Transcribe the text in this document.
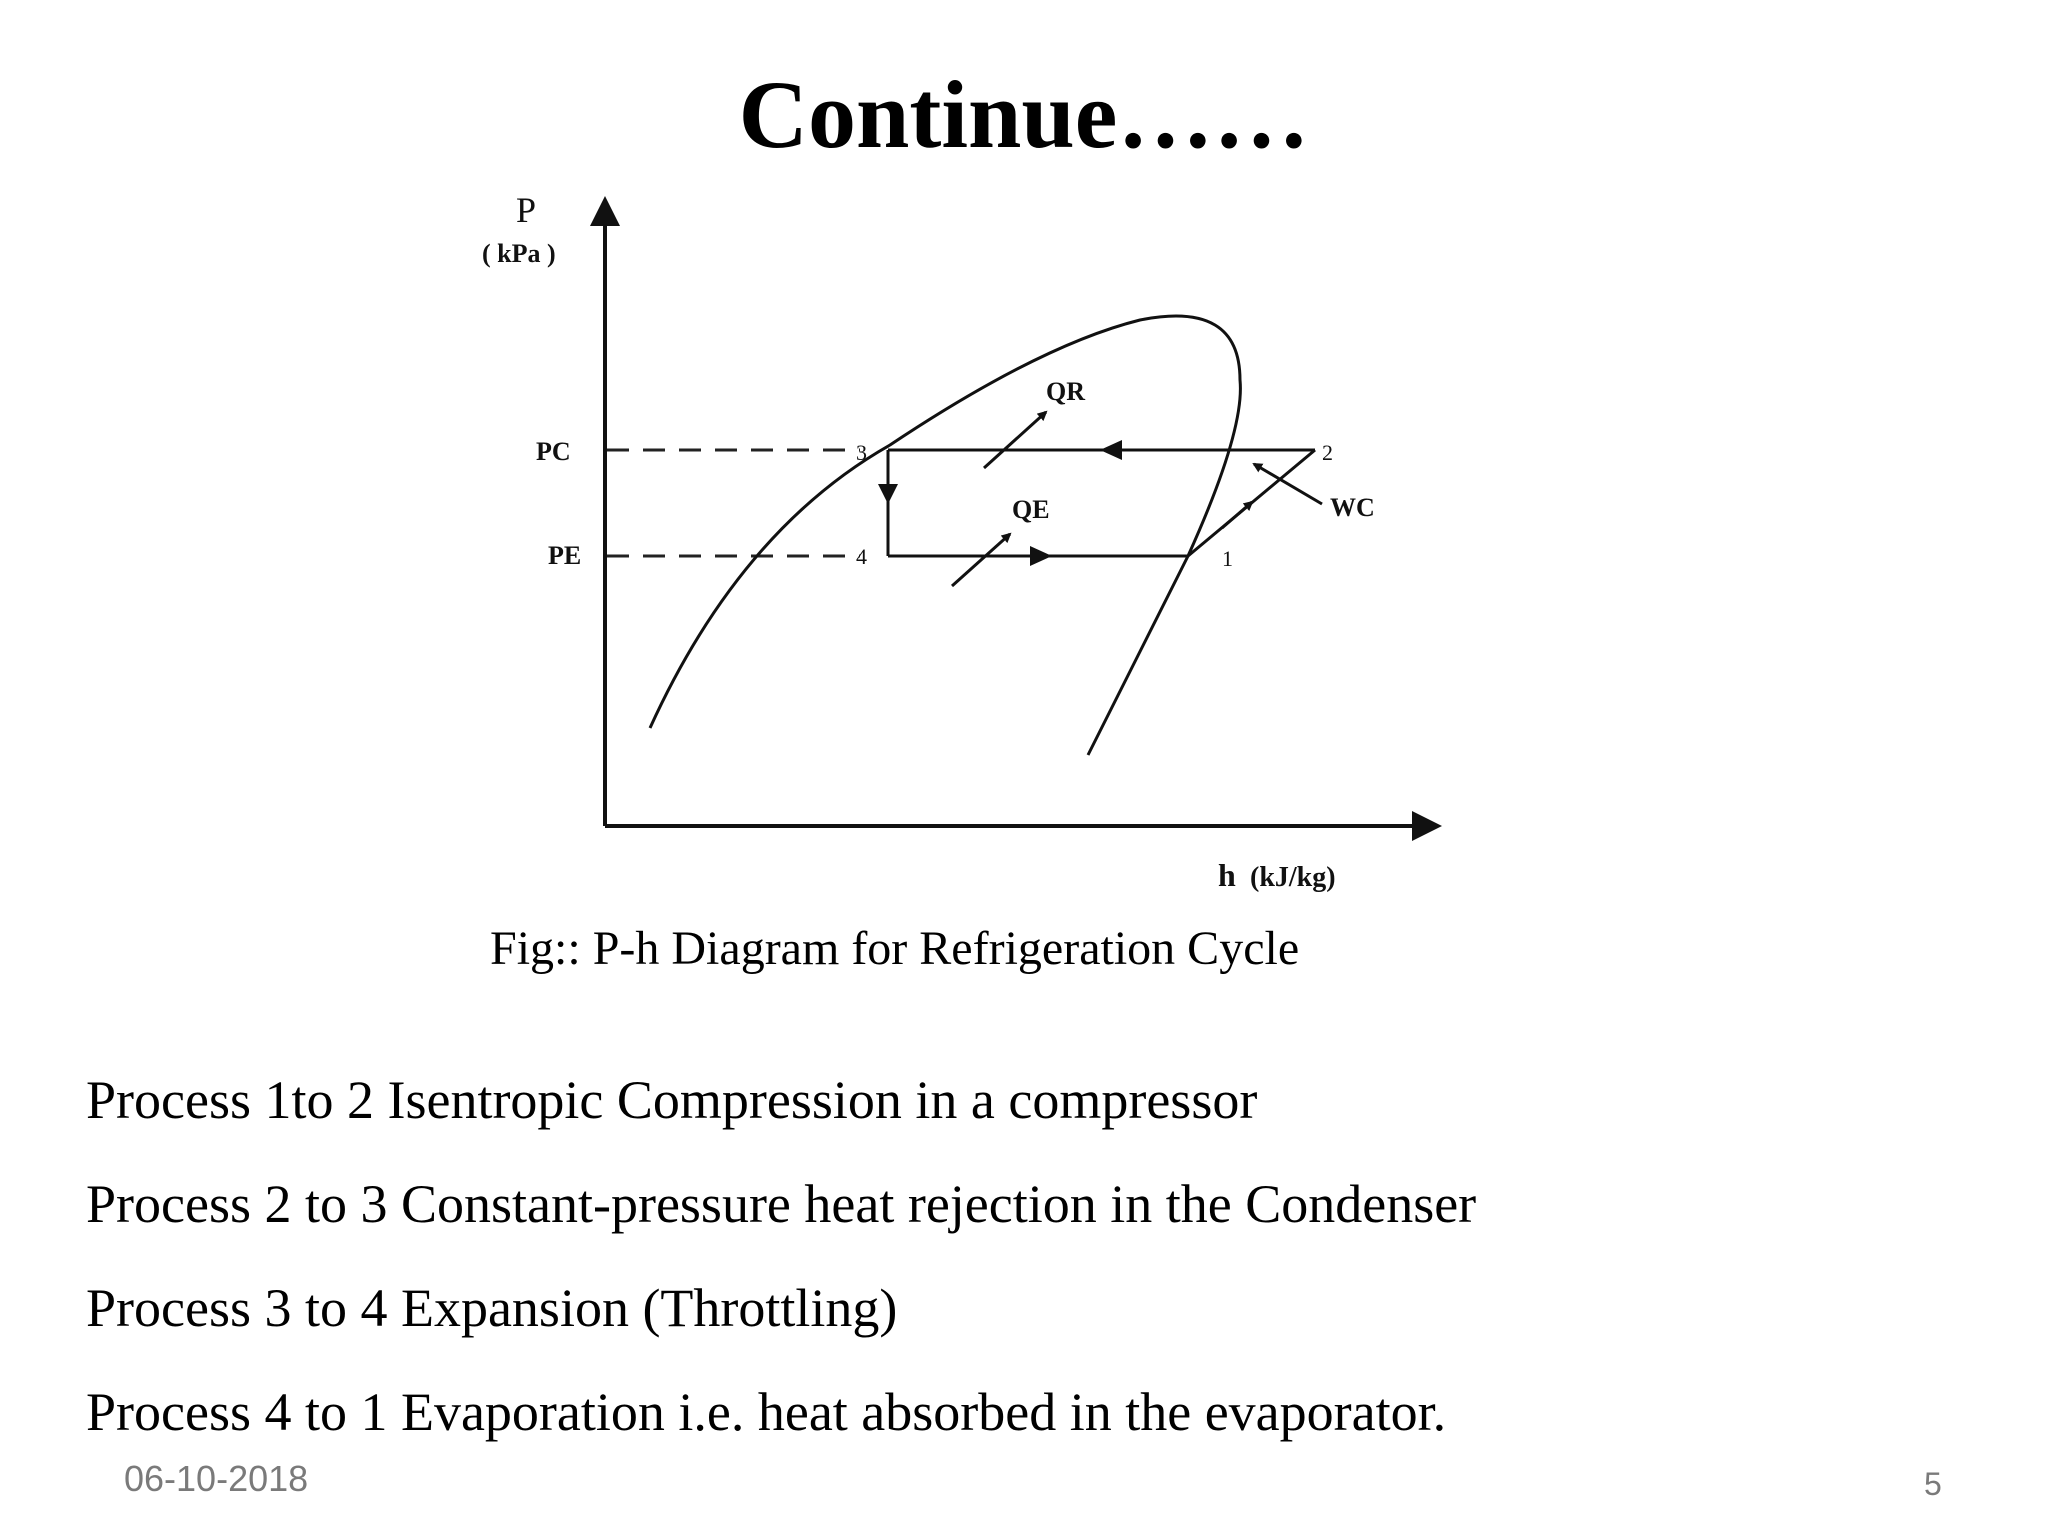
Continue……
P
( kPa )
h (kJ/kg)
PC
PE	1
2
3
4
QR
QE	WC
Fig:: P-h Diagram for Refrigeration Cycle
Process 1to 2 Isentropic Compression in a compressor
Process 2 to 3 Constant-pressure heat rejection in the Condenser
Process 3 to 4 Expansion (Throttling)
Process 4 to 1 Evaporation i.e. heat absorbed in the evaporator.
06-10-2018	5
